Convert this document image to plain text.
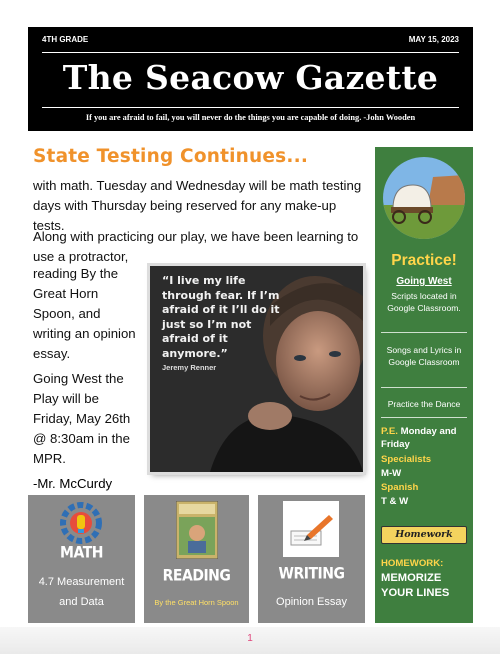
4TH GRADE	MAY 15, 2023
The Seacow Gazette
If you are afraid to fail, you will never do the things you are capable of doing. -John Wooden
State Testing Continues...
with math. Tuesday and Wednesday will be math testing days with Thursday being reserved for any make-up tests.
Along with practicing our play, we have been learning to use a protractor,
reading By the Great Horn Spoon, and writing an opinion essay.
Going West the Play will be Friday, May 26th @ 8:30am in the MPR.
-Mr. McCurdy
“I live my life through fear. If I’m afraid of it I’ll do it just so I’m not afraid of it anymore.”
Jeremy Renner
Practice!
Going West
Scripts located in Google Classroom.
Songs and Lyrics in Google Classroom
Practice the Dance
P.E. Monday and Friday
Specialists
M-W
Spanish
T & W
Homework
HOMEWORK:
MEMORIZE YOUR LINES
MATH
4.7 Measurement and Data
READING
By the Great Horn Spoon
WRITING
Opinion Essay
1
